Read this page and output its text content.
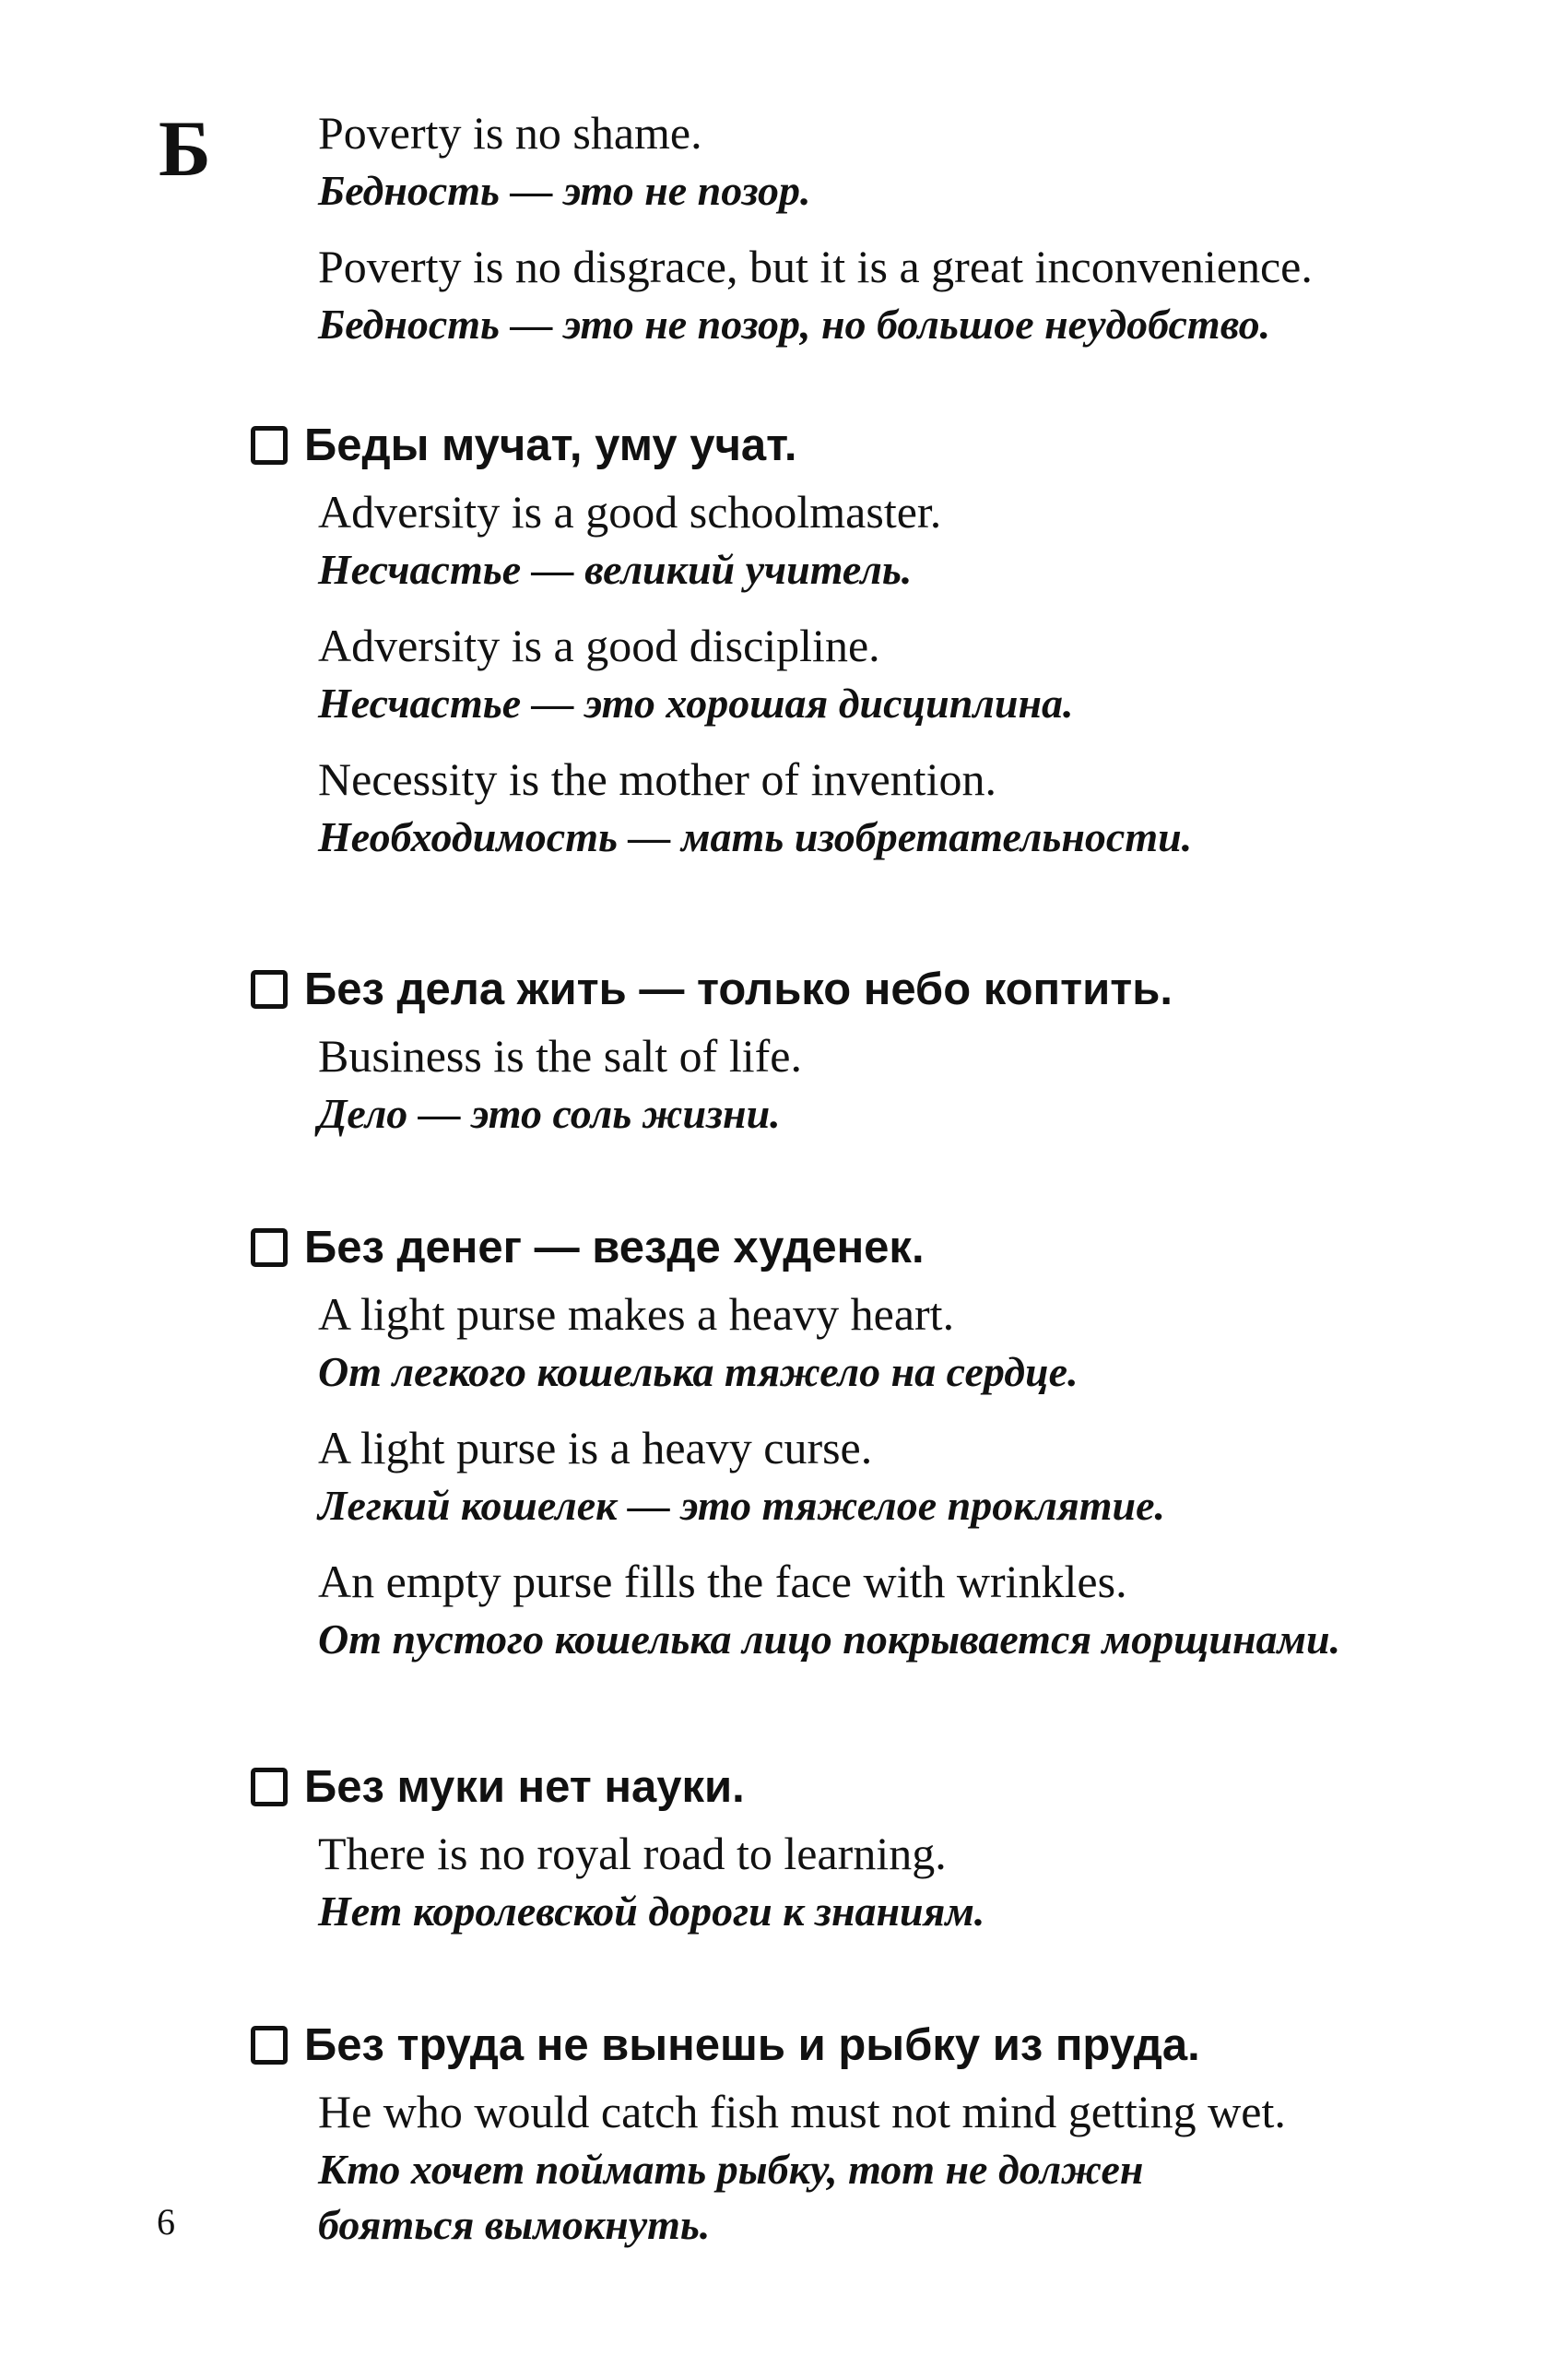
Б Poverty is no shame.
Бедность — это не позор.
Poverty is no disgrace, but it is a great inconvenience.
Бедность — это не позор, но большое неудобство.
Беды мучат, уму учат.
Adversity is a good schoolmaster.
Несчастье — великий учитель.
Adversity is a good discipline.
Несчастье — это хорошая дисциплина.
Necessity is the mother of invention.
Необходимость — мать изобретательности.
Без дела жить — только небо коптить.
Business is the salt of life.
Дело — это соль жизни.
Без денег — везде худенек.
A light purse makes a heavy heart.
От легкого кошелька тяжело на сердце.
A light purse is a heavy curse.
Легкий кошелек — это тяжелое проклятие.
An empty purse fills the face with wrinkles.
От пустого кошелька лицо покрывается морщинами.
Без муки нет науки.
There is no royal road to learning.
Нет королевской дороги к знаниям.
Без труда не вынешь и рыбку из пруда.
He who would catch fish must not mind getting wet.
Кто хочет поймать рыбку, тот не должен
бояться вымокнуть.
6
